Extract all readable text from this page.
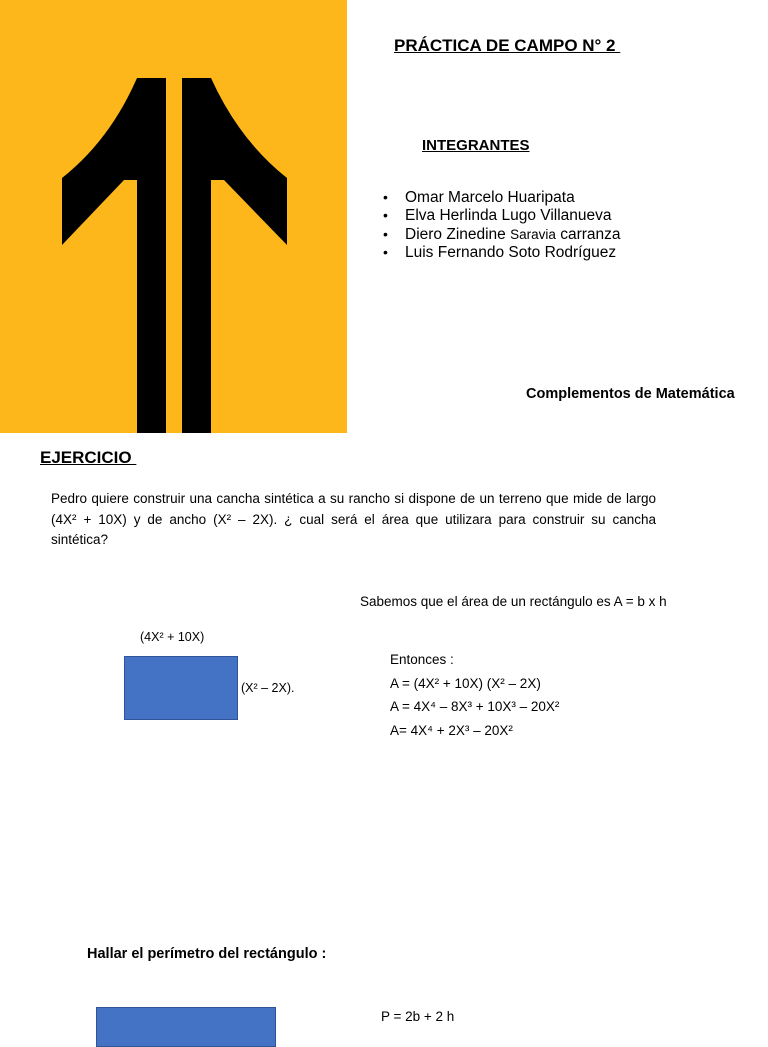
PRÁCTICA DE CAMPO N° 2
INTEGRANTES
• Omar Marcelo Huaripata
• Elva Herlinda Lugo Villanueva
• Diero Zinedine Saravia carranza
• Luis Fernando Soto Rodríguez
Complementos de Matemática
EJERCICIO

Pedro quiere construir una cancha sintética a su rancho si dispone de un terreno que mide de largo (4X² + 10X) y de ancho (X² – 2X). ¿ cual será el área que utilizara para construir su cancha sintética?

Sabemos que el área de un rectángulo es A = b x h
(4X² + 10X)
(X² – 2X).
Entonces :
A = (4X² + 10X) (X² – 2X)
A = 4X⁴ – 8X³ + 10X³ – 20X²
A= 4X⁴ + 2X³ – 20X²
Hallar el perímetro del rectángulo :
P = 2b + 2 h
